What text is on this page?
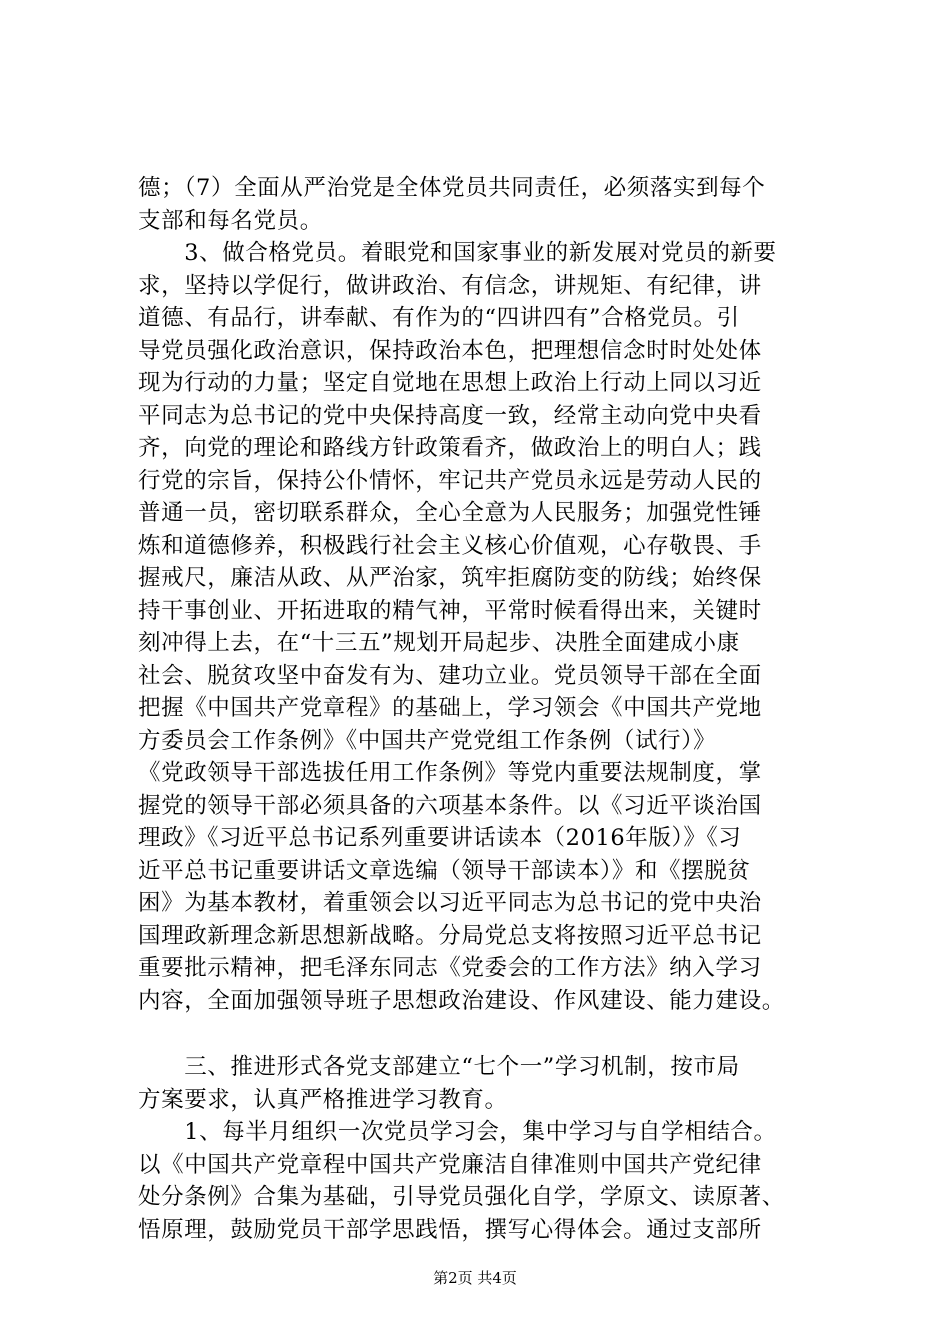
德；（7）全面从严治党是全体党员共同责任，必须落实到每个
支部和每名党员。
　　3、做合格党员。着眼党和国家事业的新发展对党员的新要
求，坚持以学促行，做讲政治、有信念，讲规矩、有纪律，讲
道德、有品行，讲奉献、有作为的“四讲四有”合格党员。引
导党员强化政治意识，保持政治本色，把理想信念时时处处体
现为行动的力量；坚定自觉地在思想上政治上行动上同以习近
平同志为总书记的党中央保持高度一致，经常主动向党中央看
齐，向党的理论和路线方针政策看齐，做政治上的明白人；践
行党的宗旨，保持公仆情怀，牢记共产党员永远是劳动人民的
普通一员，密切联系群众，全心全意为人民服务；加强党性锤
炼和道德修养，积极践行社会主义核心价值观，心存敬畏、手
握戒尺，廉洁从政、从严治家，筑牢拒腐防变的防线；始终保
持干事创业、开拓进取的精气神，平常时候看得出来，关键时
刻冲得上去，在“十三五”规划开局起步、决胜全面建成小康
社会、脱贫攻坚中奋发有为、建功立业。党员领导干部在全面
把握《中国共产党章程》的基础上，学习领会《中国共产党地
方委员会工作条例》《中国共产党党组工作条例（试行）》
《党政领导干部选拔任用工作条例》等党内重要法规制度，掌
握党的领导干部必须具备的六项基本条件。以《习近平谈治国
理政》《习近平总书记系列重要讲话读本（2016年版）》《习
近平总书记重要讲话文章选编（领导干部读本）》和《摆脱贫
困》为基本教材，着重领会以习近平同志为总书记的党中央治
国理政新理念新思想新战略。分局党总支将按照习近平总书记
重要批示精神，把毛泽东同志《党委会的工作方法》纳入学习
内容，全面加强领导班子思想政治建设、作风建设、能力建设。
　　三、推进形式各党支部建立“七个一”学习机制，按市局
方案要求，认真严格推进学习教育。
　　1、每半月组织一次党员学习会，集中学习与自学相结合。
以《中国共产党章程中国共产党廉洁自律准则中国共产党纪律
处分条例》合集为基础，引导党员强化自学，学原文、读原著、
悟原理，鼓励党员干部学思践悟，撰写心得体会。通过支部所
第2页 共4页
